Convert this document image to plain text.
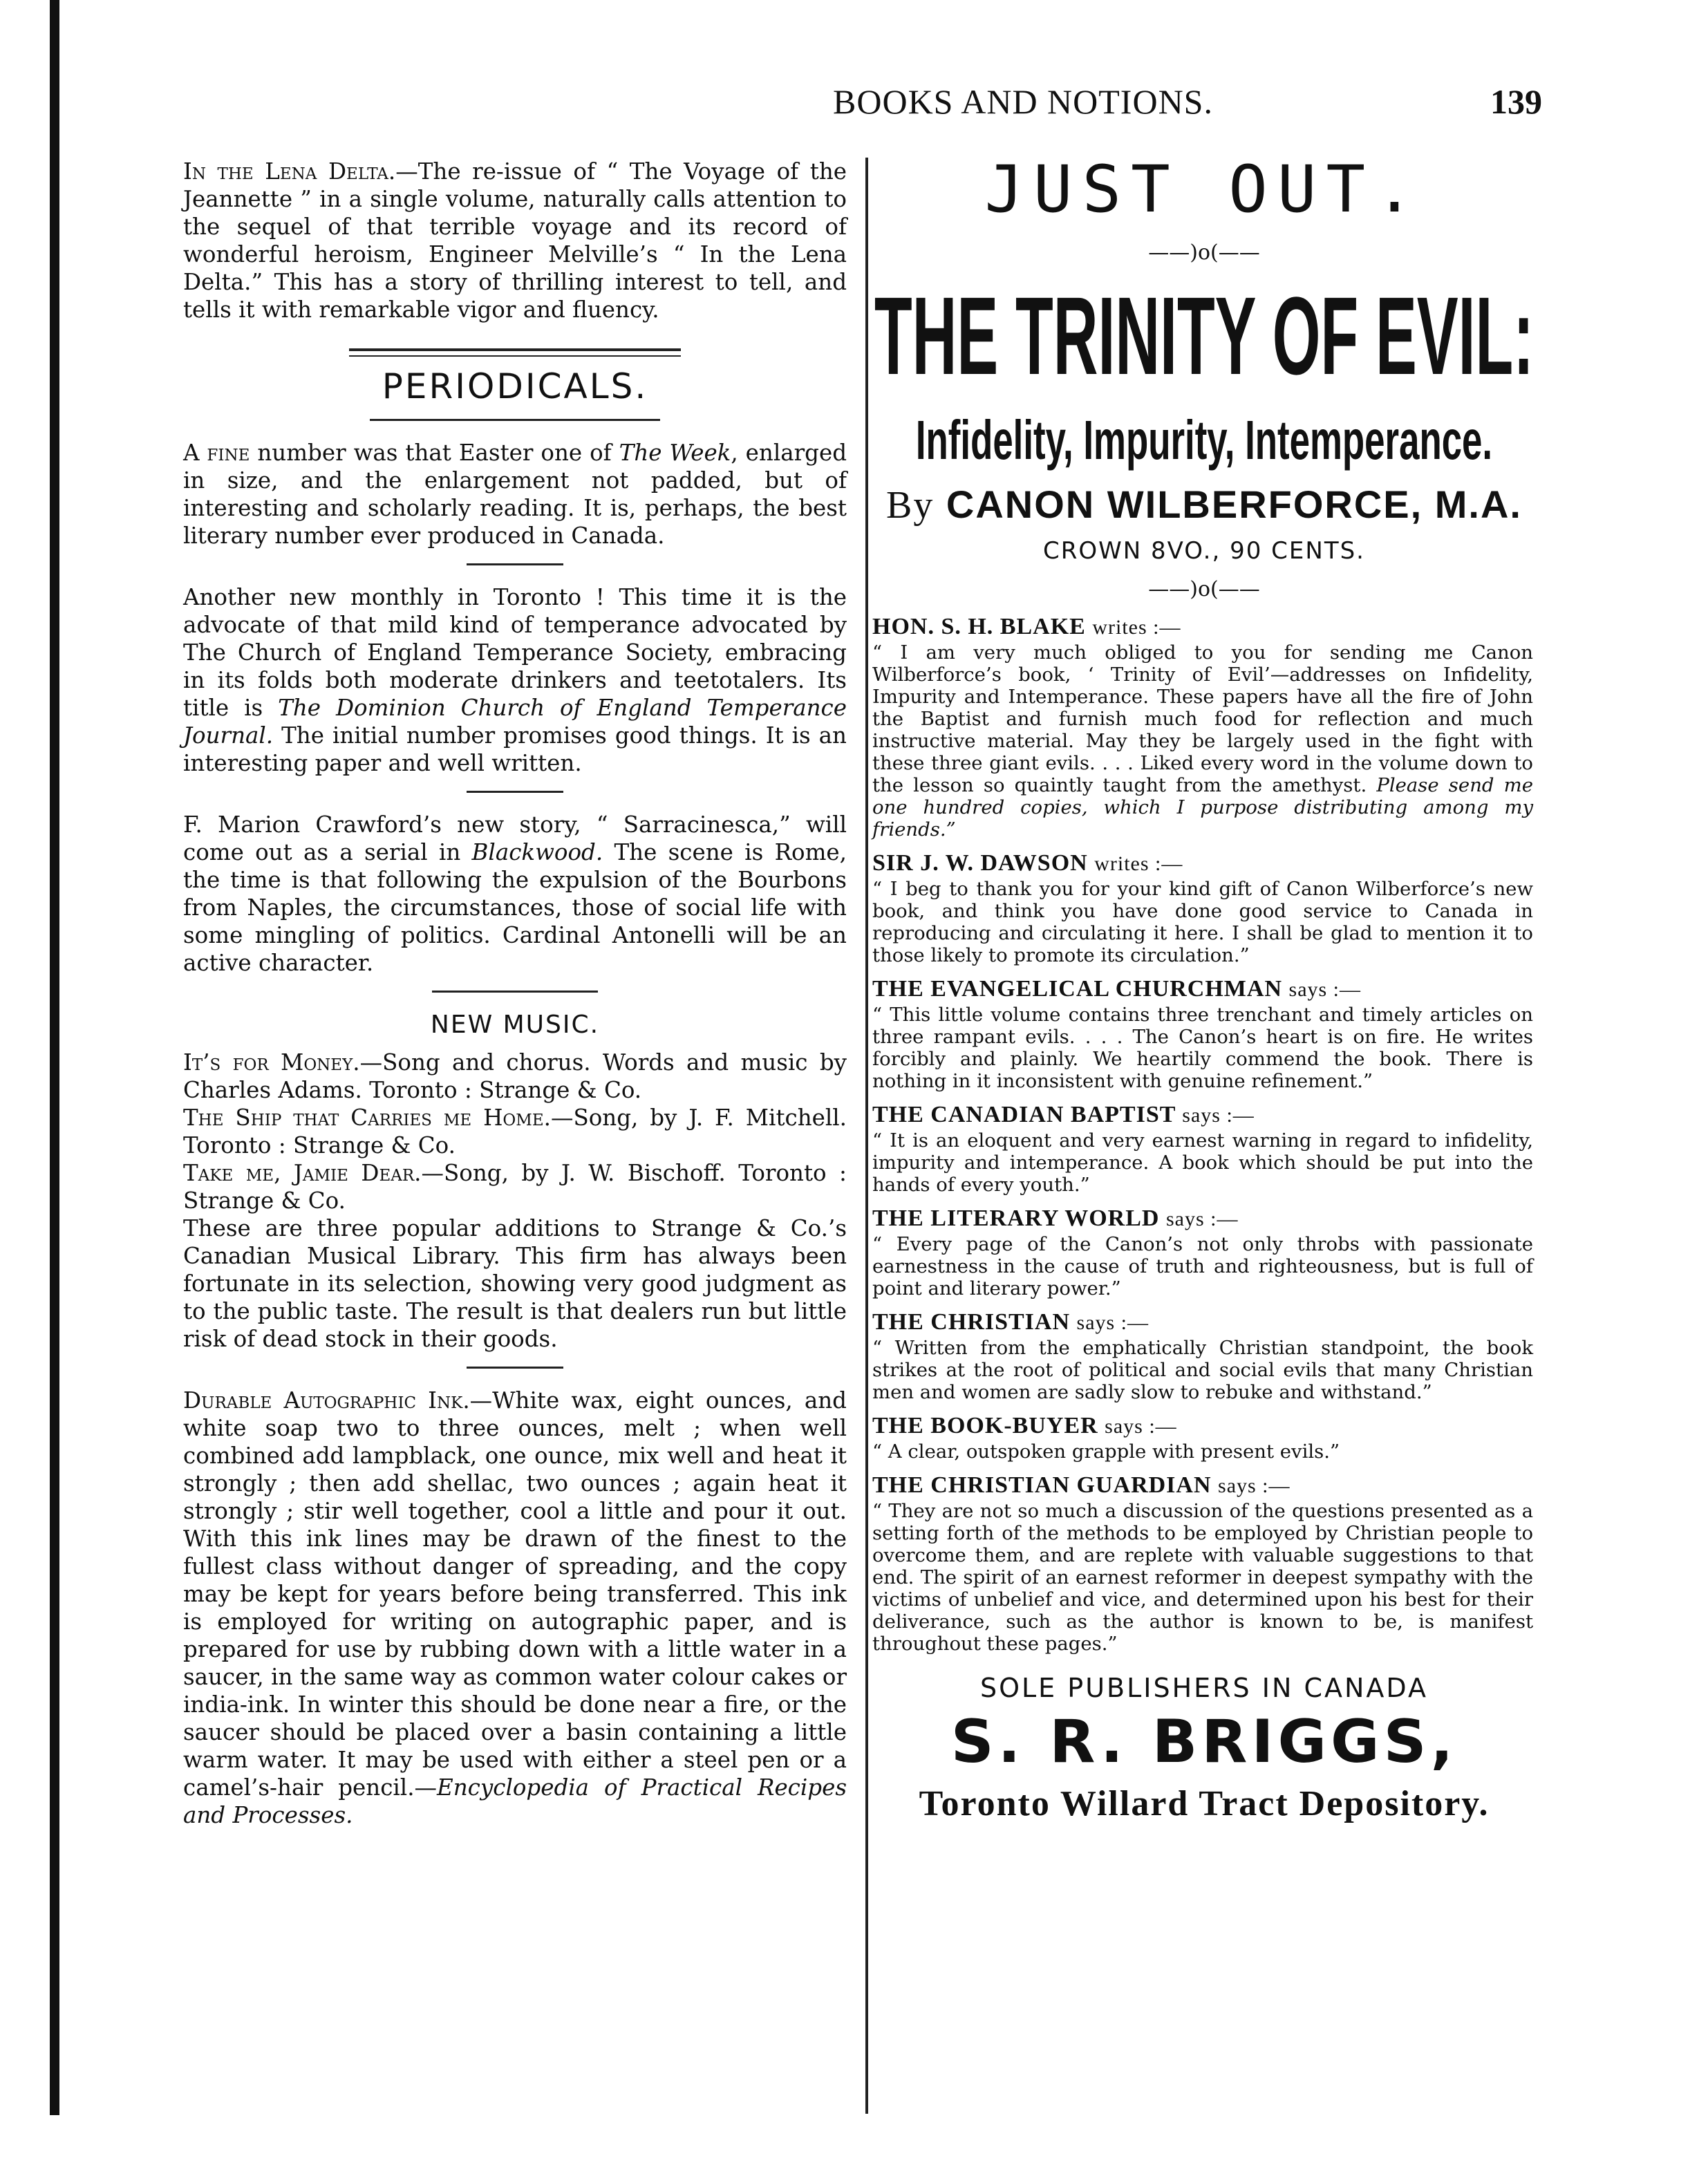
BOOKS AND NOTIONS.	139

In the Lena Delta.—The re-issue of “ The Voyage of the Jeannette ” in a single volume, naturally calls attention to the sequel of that terrible voyage and its record of wonderful heroism, Engineer Melville’s “ In the Lena Delta.” This has a story of thrilling interest to tell, and tells it with remarkable vigor and fluency.

PERIODICALS.

A fine number was that Easter one of The Week, enlarged in size, and the enlargement not padded, but of interesting and scholarly reading. It is, perhaps, the best literary number ever produced in Canada.

Another new monthly in Toronto ! This time it is the advocate of that mild kind of temperance advocated by The Church of England Temperance Society, embracing in its folds both moderate drinkers and teetotalers. Its title is The Dominion Church of England Temperance Journal. The initial number promises good things. It is an interesting paper and well written.

F. Marion Crawford’s new story, “ Sarracinesca,” will come out as a serial in Blackwood. The scene is Rome, the time is that following the expulsion of the Bourbons from Naples, the circumstances, those of social life with some mingling of politics. Cardinal Antonelli will be an active character.

NEW MUSIC.

It’s for Money.—Song and chorus. Words and music by Charles Adams. Toronto : Strange & Co.

The Ship that Carries me Home.—Song, by J. F. Mitchell. Toronto : Strange & Co.

Take me, Jamie Dear.—Song, by J. W. Bischoff. Toronto : Strange & Co.

These are three popular additions to Strange & Co.’s Canadian Musical Library. This firm has always been fortunate in its selection, showing very good judgment as to the public taste. The result is that dealers run but little risk of dead stock in their goods.

Durable Autographic Ink.—White wax, eight ounces, and white soap two to three ounces, melt ; when well combined add lampblack, one ounce, mix well and heat it strongly ; then add shellac, two ounces ; again heat it strongly ; stir well together, cool a little and pour it out. With this ink lines may be drawn of the finest to the fullest class without danger of spreading, and the copy may be kept for years before being transferred. This ink is employed for writing on autographic paper, and is prepared for use by rubbing down with a little water in a saucer, in the same way as common water colour cakes or india-ink. In winter this should be done near a fire, or the saucer should be placed over a basin containing a little warm water. It may be used with either a steel pen or a camel’s-hair pencil.—Encyclopedia of Practical Recipes and Processes.

JUST OUT.
——)o(——
THE TRINITY OF EVIL:
Infidelity, Impurity, Intemperance.
By CANON WILBERFORCE, M.A.
CROWN 8VO., 90 CENTS.
——)o(——
HON. S. H. BLAKE writes :—

“ I am very much obliged to you for sending me Canon Wilberforce’s book, ‘ Trinity of Evil’—addresses on Infidelity, Impurity and Intemperance. These papers have all the fire of John the Baptist and furnish much food for reflection and much instructive material. May they be largely used in the fight with these three giant evils. . . . Liked every word in the volume down to the lesson so quaintly taught from the amethyst. Please send me one hundred copies, which I purpose distributing among my friends.”

SIR J. W. DAWSON writes :—

“ I beg to thank you for your kind gift of Canon Wilberforce’s new book, and think you have done good service to Canada in reproducing and circulating it here. I shall be glad to mention it to those likely to promote its circulation.”

THE EVANGELICAL CHURCHMAN says :—

“ This little volume contains three trenchant and timely articles on three rampant evils. . . . The Canon’s heart is on fire. He writes forcibly and plainly. We heartily commend the book. There is nothing in it inconsistent with genuine refinement.”

THE CANADIAN BAPTIST says :—

“ It is an eloquent and very earnest warning in regard to infidelity, impurity and intemperance. A book which should be put into the hands of every youth.”

THE LITERARY WORLD says :—

“ Every page of the Canon’s not only throbs with passionate earnestness in the cause of truth and righteousness, but is full of point and literary power.”

THE CHRISTIAN says :—

“ Written from the emphatically Christian standpoint, the book strikes at the root of political and social evils that many Christian men and women are sadly slow to rebuke and withstand.”

THE BOOK-BUYER says :—

“ A clear, outspoken grapple with present evils.”

THE CHRISTIAN GUARDIAN says :—

“ They are not so much a discussion of the questions presented as a setting forth of the methods to be employed by Christian people to overcome them, and are replete with valuable suggestions to that end. The spirit of an earnest reformer in deepest sympathy with the victims of unbelief and vice, and determined upon his best for their deliverance, such as the author is known to be, is manifest throughout these pages.”

SOLE PUBLISHERS IN CANADA
S. R. BRIGGS,
Toronto Willard Tract Depository.
